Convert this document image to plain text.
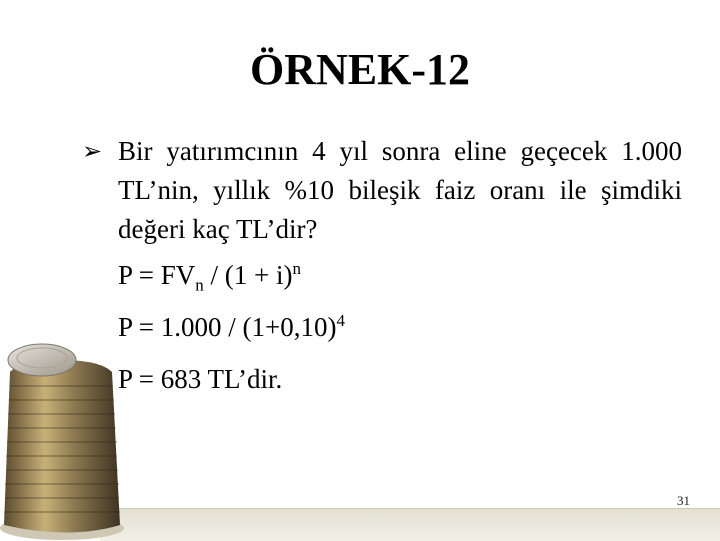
ÖRNEK-12
➢ Bir yatırımcının 4 yıl sonra eline geçecek 1.000 TL’nin, yıllık %10 bileşik faiz oranı ile şimdiki değeri kaç TL’dir?
$P = FV_n / (1 + i)^n$
$P = 1.000 / (1+0,10)^4$
P = 683 TL’dir.
31
